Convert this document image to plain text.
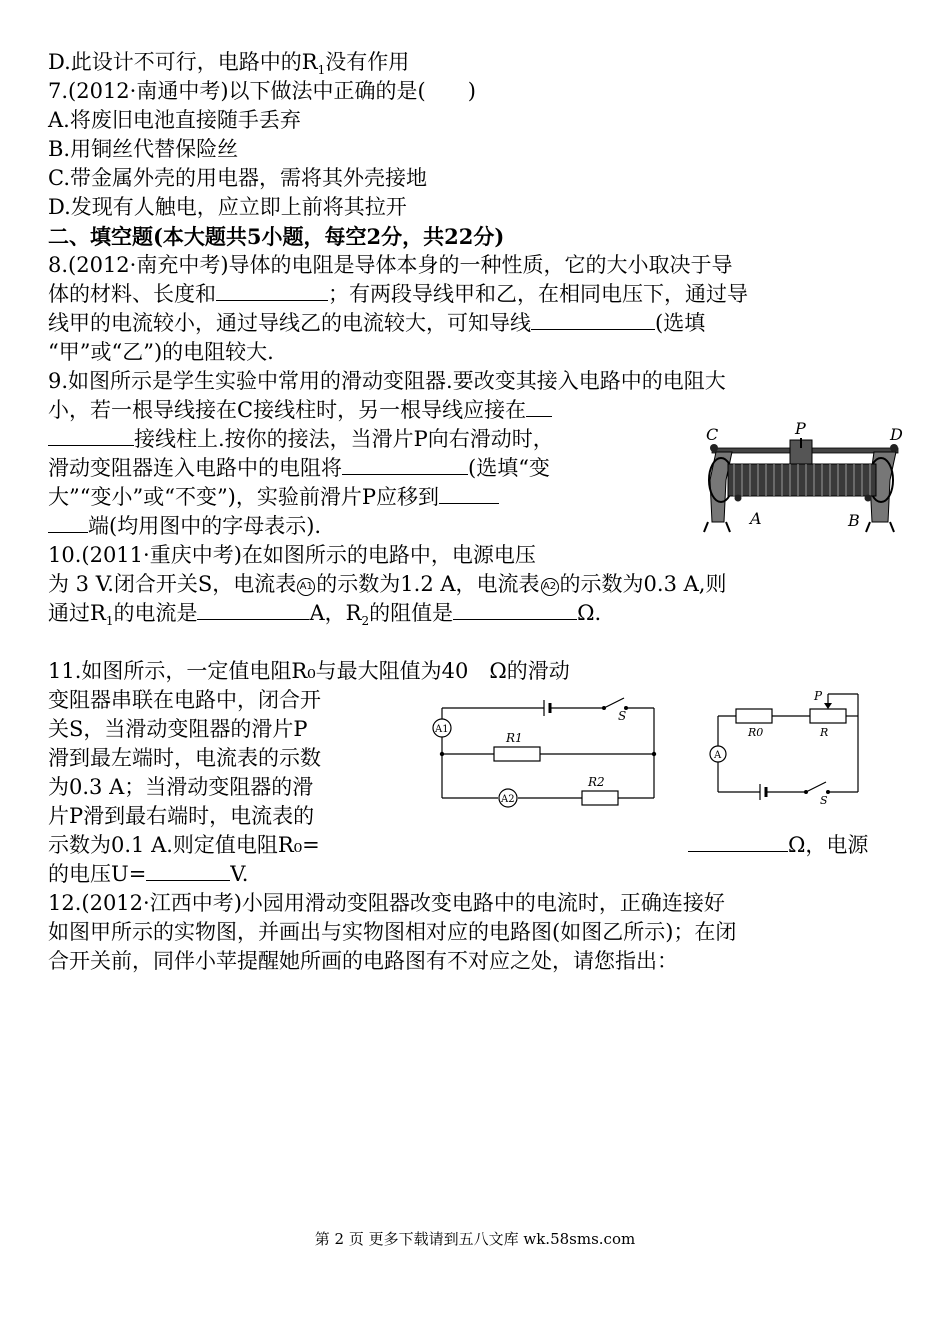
D.此设计不可行，电路中的$R_1$没有作用
7.(2012·南通中考)以下做法中正确的是(　　)
A.将废旧电池直接随手丢弃
B.用铜丝代替保险丝
C.带金属外壳的用电器，需将其外壳接地
D.发现有人触电，应立即上前将其拉开
二、填空题(本大题共5小题，每空2分，共22分)
8.(2012·南充中考)导体的电阻是导体本身的一种性质，它的大小取决于导
体的材料、长度和	；有两段导线甲和乙，在相同电压下，通过导
线甲的电流较小，通过导线乙的电流较大，可知导线	(选填
“甲”或“乙”)的电阻较大.
9.如图所示是学生实验中常用的滑动变阻器.要改变其接入电路中的电阻大
小，若一根导线接在C接线柱时，另一根导线应接在
接线柱上.按你的接法，当滑片P向右滑动时，
滑动变阻器连入电路中的电阻将	(选填“变
大”“变小”或“不变”)，实验前滑片P应移到
端(均用图中的字母表示).
C	P	D
A	B
10.(2011·重庆中考)在如图所示的电路中，电源电压
为 3 V.闭合开关S，电流表 A1 的示数为1.2 A，电流表 A2 的示数为0.3 A,则
通过$R_1$的电流是	A，$R_2$的阻值是	Ω.
11.如图所示，一定值电阻R₀与最大阻值为40　Ω的滑动
变阻器串联在电路中，闭合开
关S，当滑动变阻器的滑片P
滑到最左端时，电流表的示数
为0.3 A；当滑动变阻器的滑
片P滑到最右端时，电流表的
示数为0.1 A.则定值电阻R₀=	Ω，电源
的电压U=	V.
A1
A2
R1
R2
S
A
P
R0	R
S
12.(2012·江西中考)小园用滑动变阻器改变电路中的电流时，正确连接好
如图甲所示的实物图，并画出与实物图相对应的电路图(如图乙所示)；在闭
合开关前，同伴小苹提醒她所画的电路图有不对应之处，请您指出：
第 2 页 更多下载请到五八文库 wk.58sms.com
